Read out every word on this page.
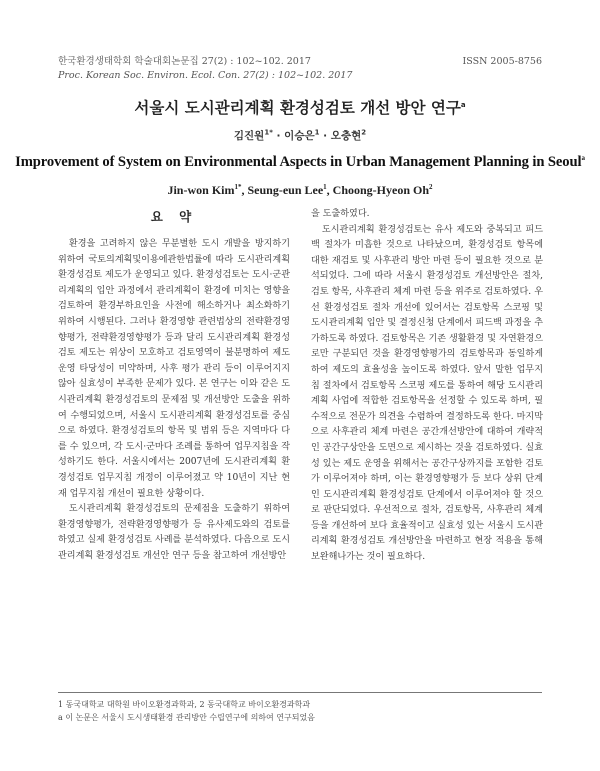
한국환경생태학회 학술대회논문집 27(2) : 102~102. 2017	ISSN 2005-8756
Proc. Korean Soc. Environ. Ecol. Con. 27(2) : 102~102. 2017
서울시 도시관리계획 환경성검토 개선 방안 연구$^a$
김진원$^{1*}$ · 이승은$^1$ · 오충현$^2$
Improvement of System on Environmental Aspects in Urban Management Planning in Seoul$^a$
Jin-won Kim$^{1*}$, Seung-eun Lee$^1$, Choong-Hyeon Oh$^2$
요 약

환경을 고려하지 않은 무분별한 도시 개발을 방지하기 위하여 국토의계획및이용에관한법률에 따라 도시관리계획 환경성검토 제도가 운영되고 있다. 환경성검토는 도시·군관리계획의 입안 과정에서 관리계획이 환경에 미치는 영향을 검토하여 환경부하요인을 사전에 해소하거나 최소화하기 위하여 시행된다. 그러나 환경영향 관련법상의 전략환경영향평가, 전략환경영향평가 등과 달리 도시관리계획 환경성검토 제도는 위상이 모호하고 검토영역이 불분명하여 제도 운영 타당성이 미약하며, 사후 평가 관리 등이 이루어지지 않아 실효성이 부족한 문제가 있다. 본 연구는 이와 같은 도시관리계획 환경성검토의 문제점 및 개선방안 도출을 위하여 수행되었으며, 서울시 도시관리계획 환경성검토를 중심으로 하였다. 환경성검토의 항목 및 범위 등은 지역마다 다를 수 있으며, 각 도시·군마다 조례를 통하여 업무지침을 작성하기도 한다. 서울시에서는 2007년에 도시관리계획 환경성검토 업무지침 개정이 이루어졌고 약 10년이 지난 현재 업무지침 개선이 필요한 상황이다.

도시관리계획 환경성검토의 문제점을 도출하기 위하여 환경영향평가, 전략환경영향평가 등 유사제도와의 검토를 하였고 실제 환경성검토 사례를 분석하였다. 다음으로 도시관리계획 환경성검토 개선안 연구 등을 참고하여 개선방안

을 도출하였다.

도시관리계획 환경성검토는 유사 제도와 중복되고 피드백 절차가 미흡한 것으로 나타났으며, 환경성검토 항목에 대한 재검토 및 사후관리 방안 마련 등이 필요한 것으로 분석되었다. 그에 따라 서울시 환경성검토 개선방안은 절차, 검토 항목, 사후관리 체계 마련 등을 위주로 검토하였다. 우선 환경성검토 절차 개선에 있어서는 검토항목 스코핑 및 도시관리계획 입안 및 결정신청 단계에서 피드백 과정을 추가하도록 하였다. 검토항목은 기존 생활환경 및 자연환경으로만 구분되던 것을 환경영향평가의 검토항목과 동일하게 하여 제도의 효율성을 높이도록 하였다. 앞서 말한 업무지침 절차에서 검토항목 스코핑 제도를 통하여 해당 도시관리계획 사업에 적합한 검토항목을 선정할 수 있도록 하며, 필수적으로 전문가 의견을 수렴하여 결정하도록 한다. 마지막으로 사후관리 체계 마련은 공간개선방안에 대하여 개략적인 공간구상안을 도면으로 제시하는 것을 검토하였다. 실효성 있는 제도 운영을 위해서는 공간구상까지를 포함한 검토가 이루어져야 하며, 이는 환경영향평가 등 보다 상위 단계인 도시관리계획 환경성검토 단계에서 이루어져야 할 것으로 판단되었다. 우선적으로 절차, 검토항목, 사후관리 체계 등을 개선하여 보다 효율적이고 실효성 있는 서울시 도시관리계획 환경성검토 개선방안을 마련하고 현장 적용을 통해 보완해나가는 것이 필요하다.

1 동국대학교 대학원 바이오환경과학과, 2 동국대학교 바이오환경과학과
a 이 논문은 서울시 도시생태환경 관리방안 수립연구에 의하여 연구되었음
